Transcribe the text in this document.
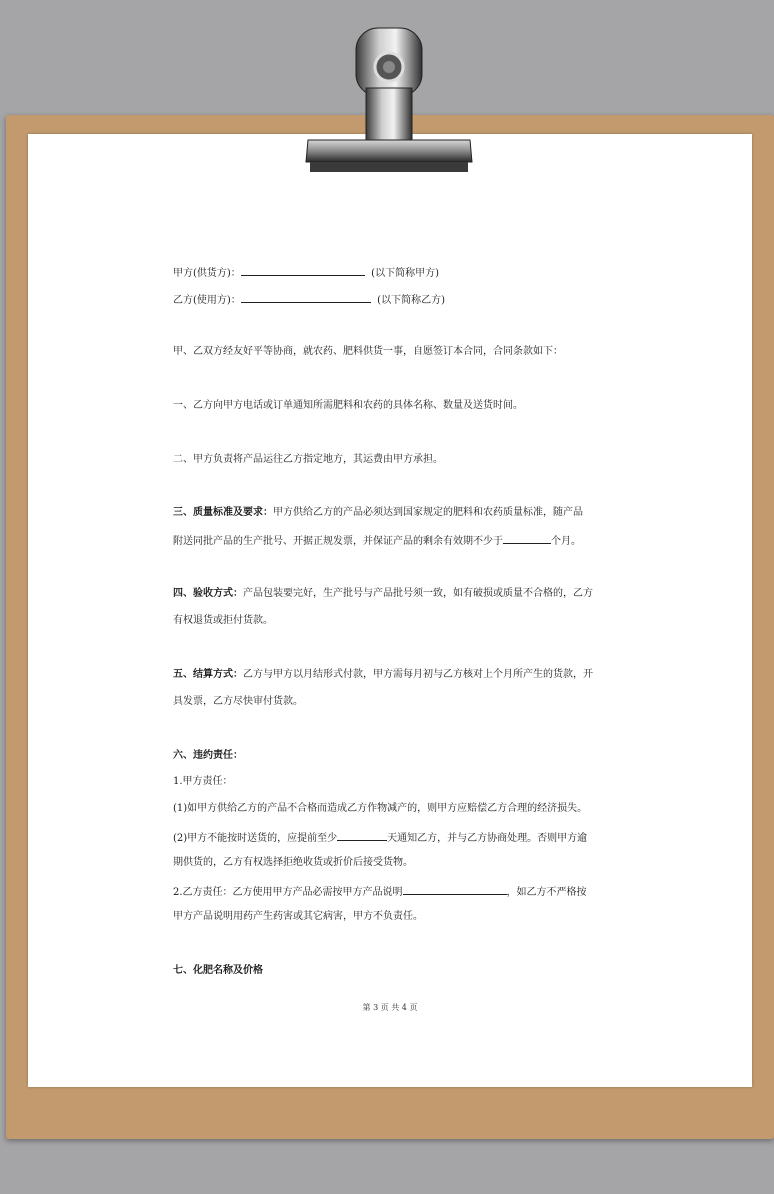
甲方(供货方)：	(以下简称甲方)
乙方(使用方)：	(以下简称乙方)
甲、乙双方经友好平等协商，就农药、肥料供货一事，自愿签订本合同，合同条款如下：
一、乙方向甲方电话或订单通知所需肥料和农药的具体名称、数量及送货时间。
二、甲方负责将产品运往乙方指定地方，其运费由甲方承担。
三、质量标准及要求：甲方供给乙方的产品必须达到国家规定的肥料和农药质量标准，随产品
附送同批产品的生产批号、开据正规发票，并保证产品的剩余有效期不少于	个月。
四、验收方式：产品包装要完好，生产批号与产品批号须一致，如有破损或质量不合格的，乙方
有权退货或拒付货款。
五、结算方式：乙方与甲方以月结形式付款，甲方需每月初与乙方核对上个月所产生的货款，开
具发票，乙方尽快审付货款。
六、违约责任：
1.甲方责任：
(1)如甲方供给乙方的产品不合格而造成乙方作物减产的，则甲方应赔偿乙方合理的经济损失。
(2)甲方不能按时送货的，应提前至少	天通知乙方，并与乙方协商处理。否则甲方逾
期供货的，乙方有权选择拒绝收货或折价后接受货物。
2.乙方责任：乙方使用甲方产品必需按甲方产品说明	，如乙方不严格按
甲方产品说明用药产生药害或其它病害，甲方不负责任。
七、化肥名称及价格
第 3 页 共 4 页
